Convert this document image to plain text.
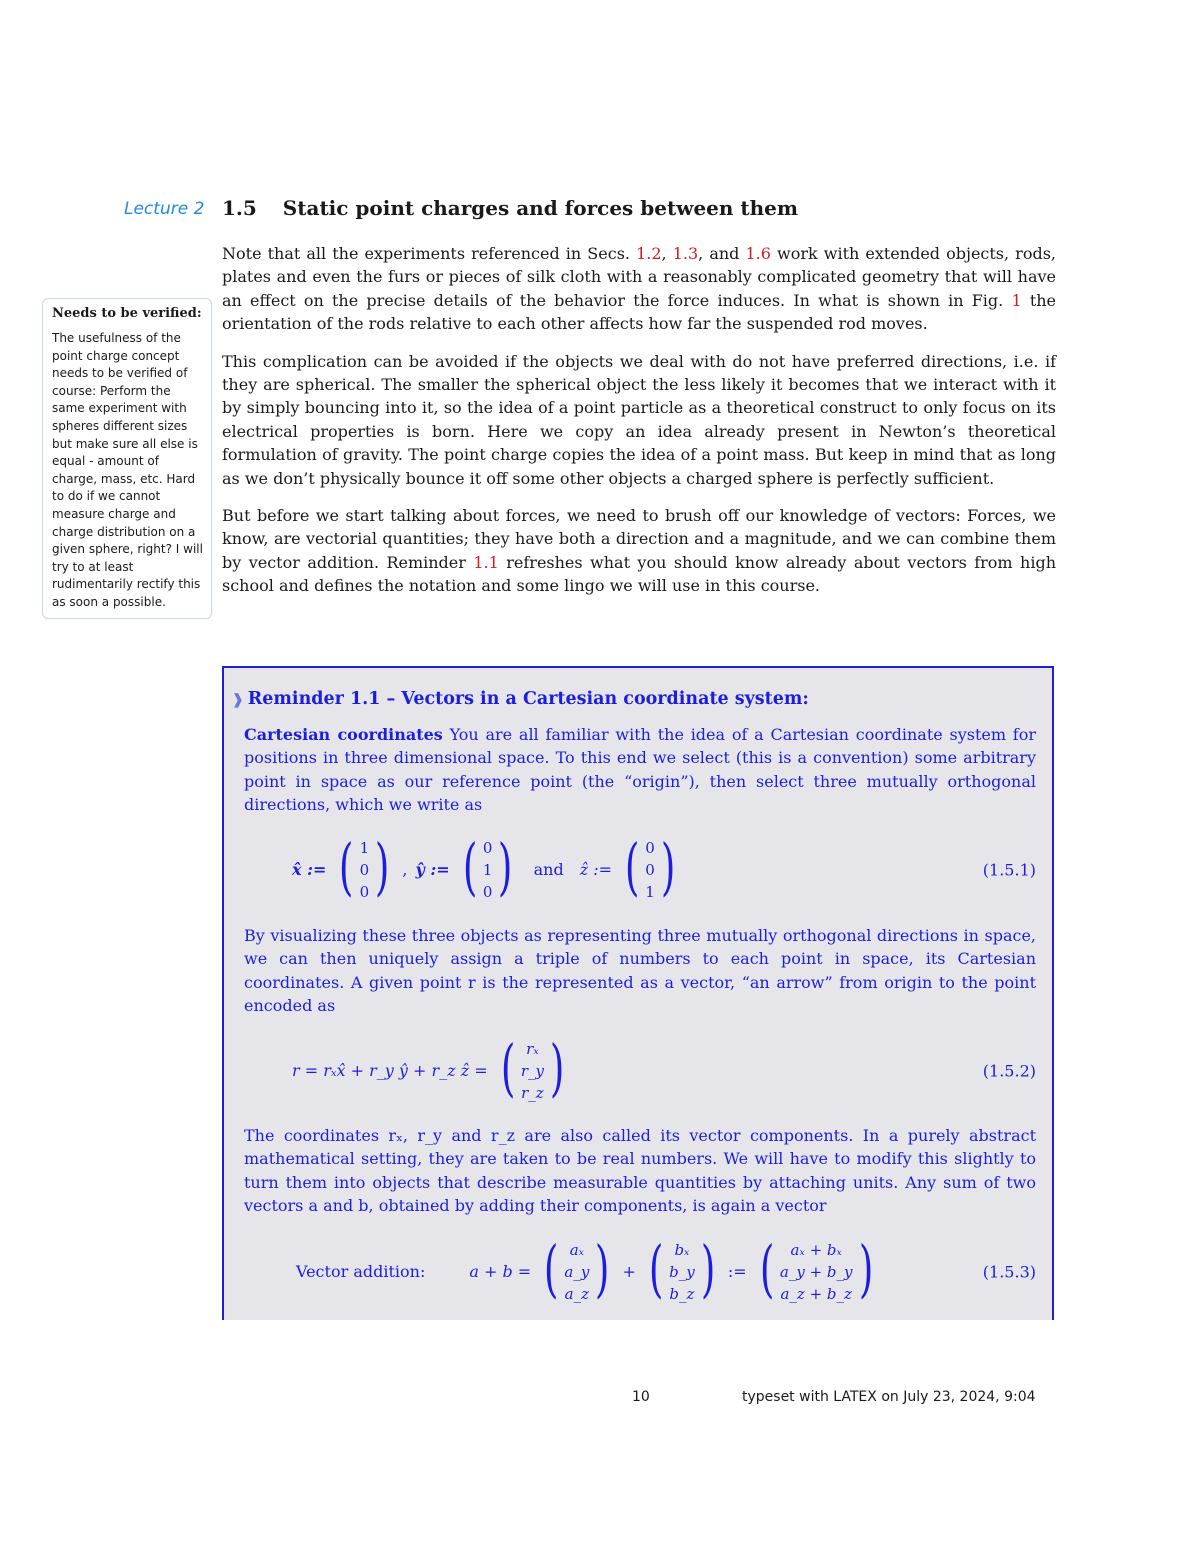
Lecture 2 1.5 Static point charges and forces between them

Note that all the experiments referenced in Secs. 1.2, 1.3, and 1.6 work with extended objects, rods, plates and even the furs or pieces of silk cloth with a reasonably complicated geometry that will have an effect on the precise details of the behavior the force induces. In what is shown in Fig. 1 the orientation of the rods relative to each other affects how far the suspended rod moves.

This complication can be avoided if the objects we deal with do not have preferred directions, i.e. if they are spherical. The smaller the spherical object the less likely it becomes that we interact with it by simply bouncing into it, so the idea of a point particle as a theoretical construct to only focus on its electrical properties is born. Here we copy an idea already present in Newton’s theoretical formulation of gravity. The point charge copies the idea of a point mass. But keep in mind that as long as we don’t physically bounce it off some other objects a charged sphere is perfectly sufficient.

But before we start talking about forces, we need to brush off our knowledge of vectors: Forces, we know, are vectorial quantities; they have both a direction and a magnitude, and we can combine them by vector addition. Reminder 1.1 refreshes what you should know already about vectors from high school and defines the notation and some lingo we will use in this course.

Needs to be verified:
The usefulness of the point charge concept needs to be verified of course: Perform the same experiment with spheres different sizes but make sure all else is equal - amount of charge, mass, etc. Hard to do if we cannot measure charge and charge distribution on a given sphere, right? I will try to at least rudimentarily rectify this as soon a possible.
❱ Reminder 1.1 – Vectors in a Cartesian coordinate system:
Cartesian coordinates You are all familiar with the idea of a Cartesian coordinate system for positions in three dimensional space. To this end we select (this is a convention) some arbitrary point in space as our reference point (the “origin”), then select three mutually orthogonal directions, which we write as
x̂ := ( 1
0
0 ) , ŷ := ( 0
1
0 ) and ẑ := ( 0
0
1 )	(1.5.1)
By visualizing these three objects as representing three mutually orthogonal directions in space, we can then uniquely assign a triple of numbers to each point in space, its Cartesian coordinates. A given point r is the represented as a vector, “an arrow” from origin to the point encoded as
r = rₓx̂ + r_y ŷ + r_z ẑ = ( rₓ
r_y
r_z )	(1.5.2)
The coordinates rₓ, r_y and r_z are also called its vector components. In a purely abstract mathematical setting, they are taken to be real numbers. We will have to modify this slightly to turn them into objects that describe measurable quantities by attaching units. Any sum of two vectors a and b, obtained by adding their components, is again a vector
Vector addition:	a + b = ( aₓ
a_y
a_z ) + ( bₓ
b_y
b_z ) := ( aₓ + bₓ
a_y + b_y
a_z + b_z )	(1.5.3)
10	typeset with LATEX on July 23, 2024, 9:04
